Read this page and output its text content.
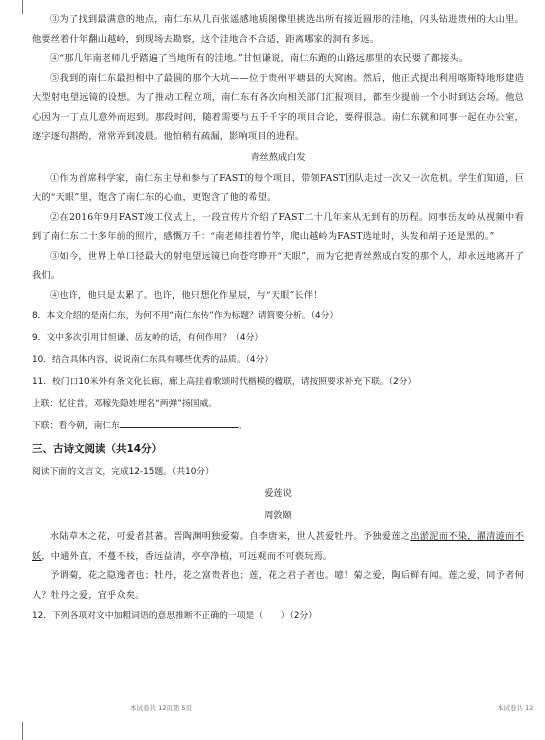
③为了找到最满意的地点，南仁东从几百张遥感地质图像里挑选出所有接近圆形的洼地，闪头钻进贵州的大山里。他要丝着什年翻山越岭，到现场去勘察，这个洼地合不合适，距离哪家的洞有多远。

④“那几年南老师几乎踏遍了当地所有的洼地。”甘恒谦说，南仁东跑的山路远那里的农民要了都接头。

⑤我到的南仁东最担相中了最圆的那个大坑——位于贵州平塘县的大窝凼。然后，他正式提出利用喀斯特地形建造大型射电望远镜的设想。为了推动工程立项，南仁东有各次向相关部门汇报项目，都至少提前一个小时到达会场。他总心因为一丁点儿意外而迟到。那段时间，随着需要与五千千字的项目合论，要得很急。南仁东就和同事一起在办公室，逐字逐句斟酌，常常弄到凌晨。他怕稍有疏漏，影响项目的进程。

青丝熬成白发

①作为首席科学家，南仁东主导和参与了FAST的每个项目，带领FAST团队走过一次又一次危机。学生们知道，巨大的“天眼”里，饱含了南仁东的心血，更饱含了他的希望。

②在2016年9月FAST竣工仪式上，一段宣传片介绍了FAST二十几年来从无到有的历程。同事岳友岭从视频中看到了南仁东二十多年前的照片，感慨万千：“南老师挂着竹竿，爬山越岭为FAST选址时，头发和胡子还是黑的。”

③如今，世界上单口径最大的射电望远镜已向苍穹睁开“天眼”，而为它把青丝熬成白发的那个人，却永远地离开了我们。

④也许，他只是太累了。也许，他只想化作星辰，与“天眼”长伴！

8．本文介绍的是南仁东，为何不用“南仁东传”作为标题？请简要分析。（4分）

9．文中多次引用甘恒谦、岳友岭的话，有何作用？（4分）

10．结合具体内容，说说南仁东具有哪些优秀的品质。（4分）

11．校门口10米外有条文化长廊，廊上高挂着歌颂时代楷模的楹联，请按照要求补充下联。（2分）

上联：忆往昔，邓稼先隐姓埋名“两弹”扬国威。

下联：看今朝，南仁东	。

三、古诗文阅读（共14分）

阅读下面的文言文，完成12-15题。（共10分）

爱莲说

周敦颐

水陆草木之花，可爱者甚蕃。晋陶渊明独爱菊。自李唐来，世人甚爱牡丹。予独爱莲之出淤泥而不染，濯清涟而不妖，中通外直，不蔓不枝，香远益清，亭亭净植，可远观而不可亵玩焉。

予谓菊，花之隐逸者也；牡丹，花之富贵者也；莲，花之君子者也。噫！菊之爱，陶后鲜有闻。莲之爱，同予者何人？牡丹之爱，宜乎众矣。

12．下列各项对文中加粗词语的意思推断不正确的一项是（　　）（2分）

本试卷共 12页第 5页	本试卷共 12
